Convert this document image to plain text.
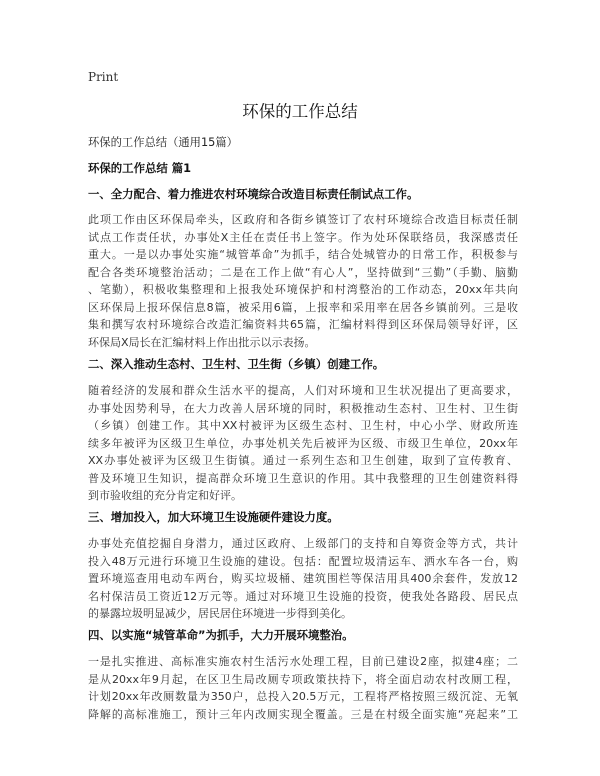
Print
环保的工作总结
环保的工作总结（通用15篇）
环保的工作总结 篇1
一、全力配合、着力推进农村环境综合改造目标责任制试点工作。
此项工作由区环保局牵头，区政府和各街乡镇签订了农村环境综合改造目标责任制
试点工作责任状，办事处X主任在责任书上签字。作为处环保联络员，我深感责任
重大。一是以办事处实施“城管革命”为抓手，结合处城管办的日常工作，积极参与
配合各类环境整治活动；二是在工作上做“有心人”，坚持做到“三勤”（手勤、脑勤
、笔勤），积极收集整理和上报我处环境保护和村湾整治的工作动态，20xx年共向
区环保局上报环保信息8篇，被采用6篇，上报率和采用率在居各乡镇前列。三是收
集和撰写农村环境综合改造汇编资料共65篇，汇编材料得到区环保局领导好评，区
环保局X局长在汇编材料上作出批示以示表扬。
二、深入推动生态村、卫生村、卫生街（乡镇）创建工作。
随着经济的发展和群众生活水平的提高，人们对环境和卫生状况提出了更高要求，
办事处因势利导，在大力改善人居环境的同时，积极推动生态村、卫生村、卫生街
（乡镇）创建工作。其中XX村被评为区级生态村、卫生村，中心小学、财政所连
续多年被评为区级卫生单位，办事处机关先后被评为区级、市级卫生单位，20xx年
XX办事处被评为区级卫生街镇。通过一系列生态和卫生创建，取到了宣传教育、
普及环境卫生知识，提高群众环境卫生意识的作用。其中我整理的卫生创建资料得
到市验收组的充分肯定和好评。
三、增加投入，加大环境卫生设施硬件建设力度。
办事处充值挖掘自身潜力，通过区政府、上级部门的支持和自筹资金等方式，共计
投入48万元进行环境卫生设施的建设。包括：配置垃圾清运车、洒水车各一台，购
置环境巡查用电动车两台，购买垃圾桶、建筑围栏等保洁用具400余套件，发放12
名村保洁员工资近12万元等。通过对环境卫生设施的投资，使我处各路段、居民点
的暴露垃圾明显减少，居民居住环境进一步得到美化。
四、以实施“城管革命”为抓手，大力开展环境整治。
一是扎实推进、高标准实施农村生活污水处理工程，目前已建设2座，拟建4座；二
是从20xx年9月起，在区卫生局改厕专项政策扶持下，将全面启动农村改厕工程，
计划20xx年改厕数量为350户，总投入20.5万元，工程将严格按照三级沉淀、无氧
降解的高标准施工，预计三年内改厕实现全覆盖。三是在村级全面实施“亮起来”工
